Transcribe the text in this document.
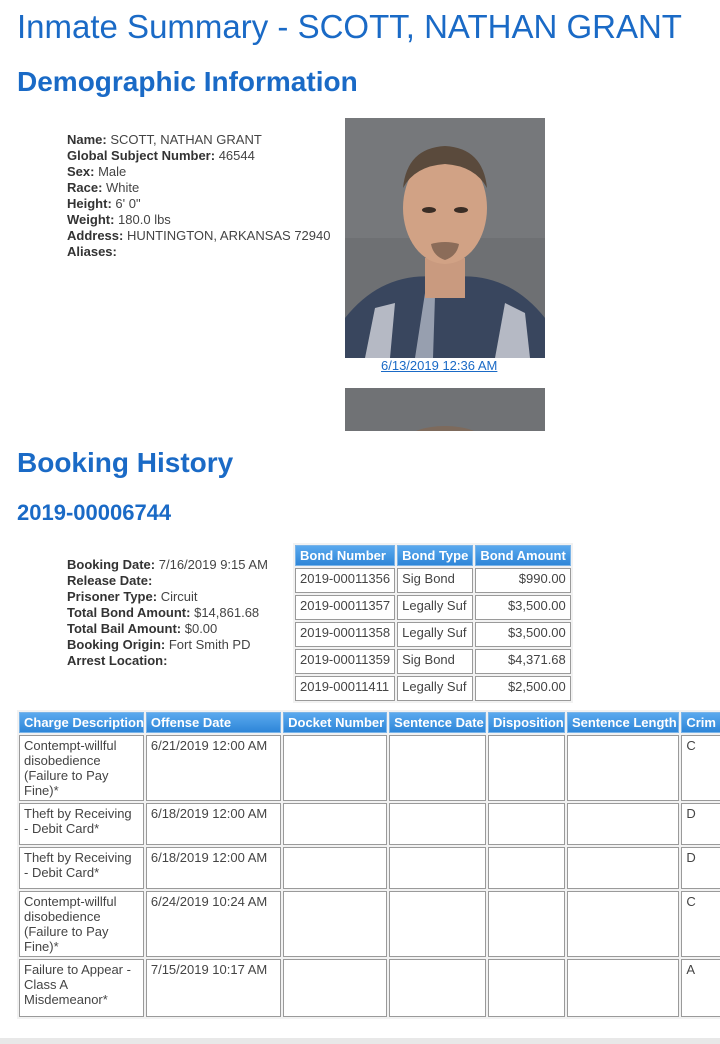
Inmate Summary - SCOTT, NATHAN GRANT
Demographic Information
Name: SCOTT, NATHAN GRANT
Global Subject Number: 46544
Sex: Male
Race: White
Height: 6' 0"
Weight: 180.0 lbs
Address: HUNTINGTON, ARKANSAS 72940
Aliases:
6/13/2019 12:36 AM
Booking History
2019-00006744
Booking Date: 7/16/2019 9:15 AM
Release Date:
Prisoner Type: Circuit
Total Bond Amount: $14,861.68
Total Bail Amount: $0.00
Booking Origin: Fort Smith PD
Arrest Location:
Bond Number	Bond Type	Bond Amount
2019-00011356	Sig Bond	$990.00
2019-00011357	Legally Suf	$3,500.00
2019-00011358	Legally Suf	$3,500.00
2019-00011359	Sig Bond	$4,371.68
2019-00011411	Legally Suf	$2,500.00
Charge Description	Offense Date	Docket Number	Sentence Date	Disposition	Sentence Length	Crim
Contempt-willful disobedience (Failure to Pay Fine)*	6/21/2019 12:00 AM					C
Theft by Receiving - Debit Card*	6/18/2019 12:00 AM					D
Theft by Receiving - Debit Card*	6/18/2019 12:00 AM					D
Contempt-willful disobedience (Failure to Pay Fine)*	6/24/2019 10:24 AM					C
Failure to Appear - Class A Misdemeanor*	7/15/2019 10:17 AM					A
